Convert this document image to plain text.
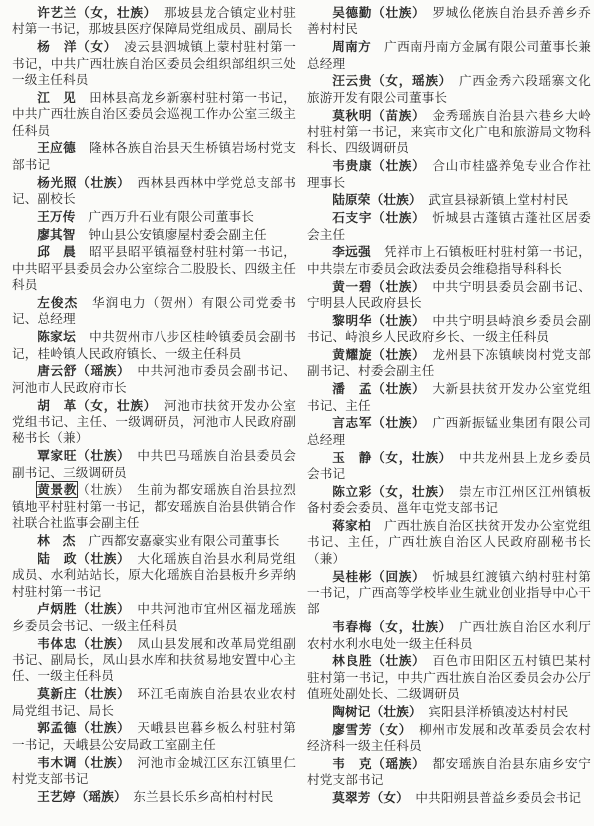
许艺兰（女，壮族）　 那坡县龙合镇定业村驻村第一书记，那坡县医疗保障局党组成员、副局长

杨　洋（女）　 凌云县泗城镇上蒙村驻村第一书记，中共广西壮族自治区委员会组织部组织三处一级主任科员

江　见　 田林县高龙乡新寨村驻村第一书记，中共广西壮族自治区委员会巡视工作办公室三级主任科员

王应德　 隆林各族自治县天生桥镇岩场村党支部书记

杨光照（壮族）　 西林县西林中学党总支部书记、副校长

王万传　 广西万升石业有限公司董事长

廖其智　 钟山县公安镇廖屋村委会副主任

邱　晨　 昭平县昭平镇福登村驻村第一书记，中共昭平县委员会办公室综合二股股长、四级主任科员

左俊杰　 华润电力（贺州）有限公司党委书记、总经理

陈家坛　 中共贺州市八步区桂岭镇委员会副书记，桂岭镇人民政府镇长、一级主任科员

唐云舒（瑶族）　 中共河池市委员会副书记、河池市人民政府市长

胡　革（女，壮族）　 河池市扶贫开发办公室党组书记、主任、一级调研员，河池市人民政府副秘书长（兼）

覃家旺（壮族）　 中共巴马瑶族自治县委员会副书记、三级调研员

黄景教（壮族）　生前为都安瑶族自治县拉烈镇地平村驻村第一书记，都安瑶族自治县供销合作社联合社监事会副主任

林　杰　 广西都安嘉豪实业有限公司董事长

陆　政（壮族）　 大化瑶族自治县水利局党组成员、水利站站长，原大化瑶族自治县板升乡弄纳村驻村第一书记

卢炳胜（壮族）　 中共河池市宜州区福龙瑶族乡委员会书记、一级主任科员

韦体忠（壮族）　 凤山县发展和改革局党组副书记、副局长，凤山县水库和扶贫易地安置中心主任、一级主任科员

莫新庄（壮族）　 环江毛南族自治县农业农村局党组书记、局长

郭孟德（壮族）　 天峨县岜暮乡板么村驻村第一书记，天峨县公安局政工室副主任

韦木调（壮族）　 河池市金城江区东江镇里仁村党支部书记

王艺婷（瑶族）　 东兰县长乐乡高柏村村民

吴德勤（壮族）　 罗城仫佬族自治县乔善乡乔善村村民

周南方　 广西南丹南方金属有限公司董事长兼总经理

汪云贵（女，瑶族）　 广西金秀六段瑶寨文化旅游开发有限公司董事长

莫秋明（苗族）　 金秀瑶族自治县六巷乡大岭村驻村第一书记，来宾市文化广电和旅游局文物科科长、四级调研员

韦贵康（壮族）　 合山市桂盛养兔专业合作社理事长

陆原荣（壮族）　 武宣县禄新镇上堂村村民

石支宇（壮族）　 忻城县古蓬镇古蓬社区居委会主任

李远强　 凭祥市上石镇板旺村驻村第一书记，中共崇左市委员会政法委员会维稳指导科科长

黄一碧（壮族）　 中共宁明县委员会副书记、宁明县人民政府县长

黎明华（壮族）　 中共宁明县峙浪乡委员会副书记、峙浪乡人民政府乡长、一级主任科员

黄耀旋（壮族）　 龙州县下冻镇峡岗村党支部副书记、村委会副主任

潘　孟（壮族）　 大新县扶贫开发办公室党组书记、主任

言志军（壮族）　 广西新振锰业集团有限公司总经理

玉　静（女，壮族）　 中共龙州县上龙乡委员会书记

陈立彩（女，壮族）　 崇左市江州区江州镇板备村委会委员、邕年屯党支部书记

蒋家柏　 广西壮族自治区扶贫开发办公室党组书记、主任，广西壮族自治区人民政府副秘书长（兼）

吴桂彬（回族）　 忻城县红渡镇六纳村驻村第一书记，广西高等学校毕业生就业创业指导中心干部

韦春梅（女，壮族）　 广西壮族自治区水利厅农村水利水电处一级主任科员

林良胜（壮族）　 百色市田阳区五村镇巴某村驻村第一书记，中共广西壮族自治区委员会办公厅值班处副处长、二级调研员

陶树记（壮族）　 宾阳县洋桥镇凌达村村民

廖雪芳（女）　 柳州市发展和改革委员会农村经济科一级主任科员

韦　克（瑶族）　 都安瑶族自治县东庙乡安宁村党支部书记

莫翠芳（女）　 中共阳朔县普益乡委员会书记
